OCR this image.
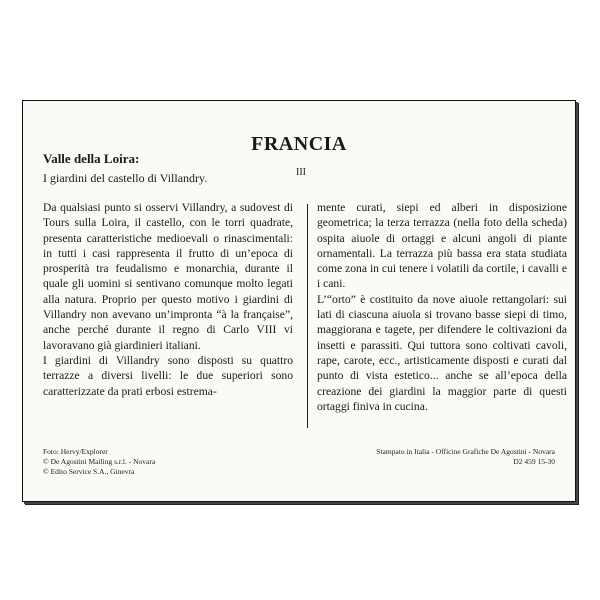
FRANCIA
Valle della Loira:
I giardini del castello di Villandry.	III

Da qualsiasi punto si osservi Villandry, a sudovest di Tours sulla Loira, il castello, con le torri quadrate, presenta caratteristiche medioevali o rinascimentali: in tutti i casi rappresenta il frutto di un’epoca di prosperità tra feudalismo e monarchia, durante il quale gli uomini si sentivano comunque molto legati alla natura. Proprio per questo motivo i giardini di Villandry non avevano un’impronta “à la française”, anche perché durante il regno di Carlo VIII vi lavoravano già giardinieri italiani.

I giardini di Villandry sono disposti su quattro terrazze a diversi livelli: le due superiori sono caratterizzate da prati erbosi estrema-

mente curati, siepi ed alberi in disposizione geometrica; la terza terrazza (nella foto della scheda) ospita aiuole di ortaggi e alcuni angoli di piante ornamentali. La terrazza più bassa era stata studiata come zona in cui tenere i volatili da cortile, i cavalli e i cani.

L’“orto” è costituito da nove aiuole rettangolari: sui lati di ciascuna aiuola si trovano basse siepi di timo, maggiorana e tagete, per difendere le coltivazioni da insetti e parassiti. Qui tuttora sono coltivati cavoli, rape, carote, ecc., artisticamente disposti e curati dal punto di vista estetico... anche se all’epoca della creazione dei giardini la maggior parte di questi ortaggi finiva in cucina.

Foto: Hervy/Explorer
© De Agostini Mailing s.r.l. - Novara
© Edito Service S.A., Ginevra
Stampato in Italia - Officine Grafiche De Agostini - Novara
D2 459 15-30
